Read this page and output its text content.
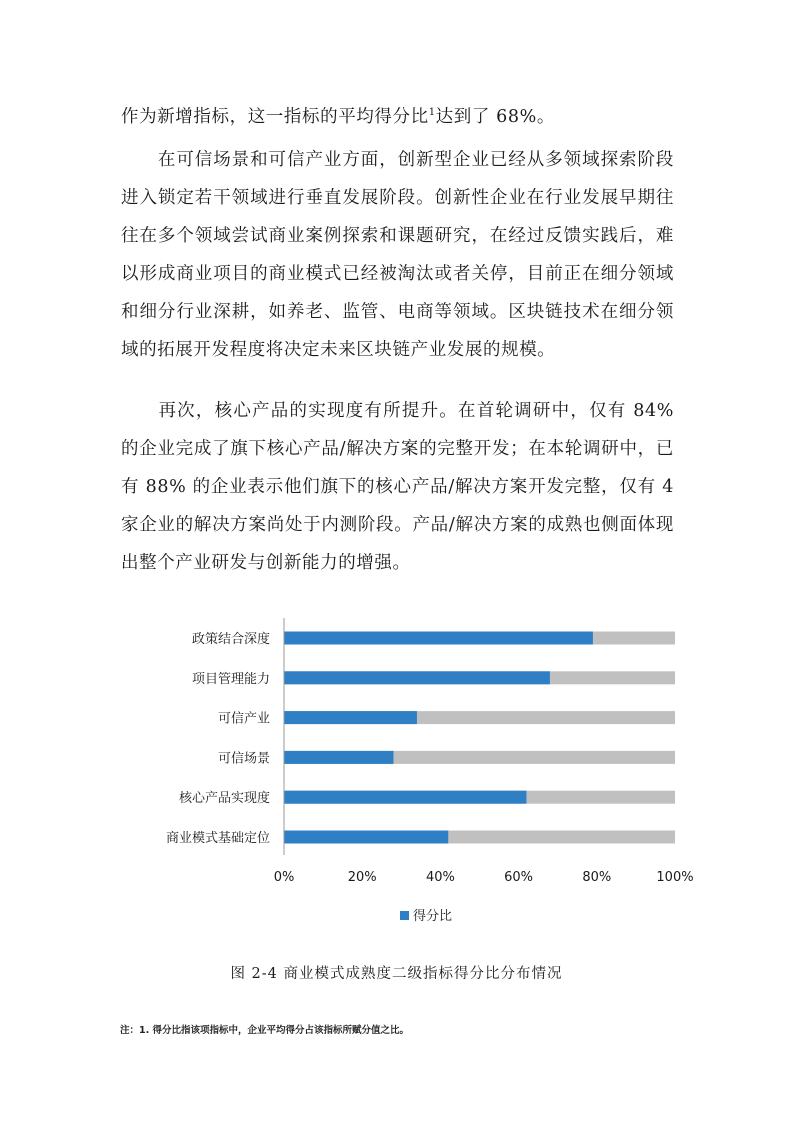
作为新增指标，这一指标的平均得分比$^1$达到了 68%。

　　在可信场景和可信产业方面，创新型企业已经从多领域探索阶段进入锁定若干领域进行垂直发展阶段。创新性企业在行业发展早期往往在多个领域尝试商业案例探索和课题研究，在经过反馈实践后，难以形成商业项目的商业模式已经被淘汰或者关停，目前正在细分领域和细分行业深耕，如养老、监管、电商等领域。区块链技术在细分领域的拓展开发程度将决定未来区块链产业发展的规模。

　　再次，核心产品的实现度有所提升。在首轮调研中，仅有 84% 的企业完成了旗下核心产品/解决方案的完整开发；在本轮调研中，已有 88% 的企业表示他们旗下的核心产品/解决方案开发完整，仅有 4 家企业的解决方案尚处于内测阶段。产品/解决方案的成熟也侧面体现出整个产业研发与创新能力的增强。

政策结合深度
项目管理能力
可信产业
可信场景
核心产品实现度
商业模式基础定位
0%	20%	40%	60%	80%	100%
得分比
图 2-4 商业模式成熟度二级指标得分比分布情况
注：1. 得分比指该项指标中，企业平均得分占该指标所赋分值之比。
